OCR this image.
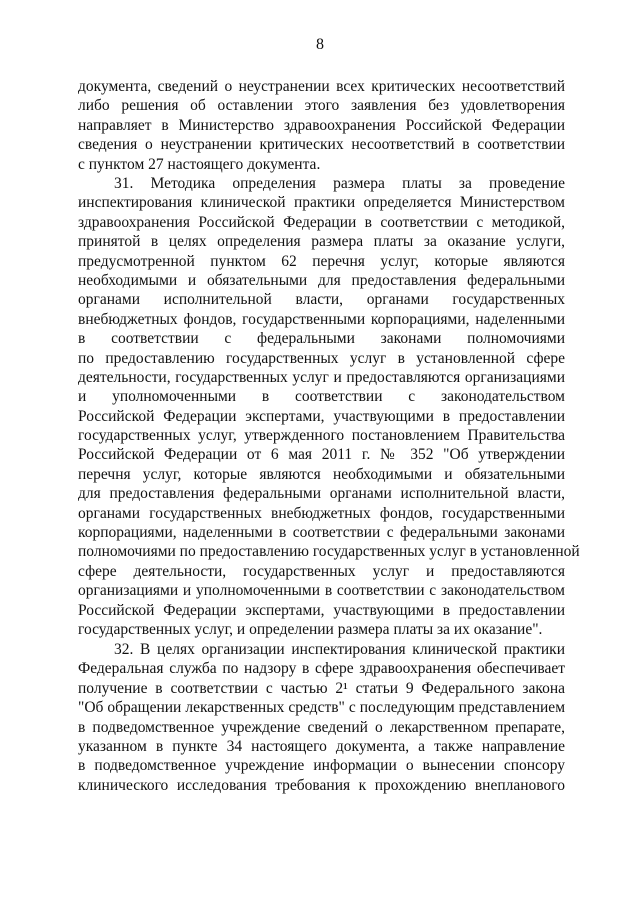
8
документа, сведений о неустранении всех критических несоответствий
либо решения об оставлении этого заявления без удовлетворения
направляет в Министерство здравоохранения Российской Федерации
сведения о неустранении критических несоответствий в соответствии
с пунктом 27 настоящего документа.
31. Методика определения размера платы за проведение
инспектирования клинической практики определяется Министерством
здравоохранения Российской Федерации в соответствии с методикой,
принятой в целях определения размера платы за оказание услуги,
предусмотренной пунктом 62 перечня услуг, которые являются
необходимыми и обязательными для предоставления федеральными
органами исполнительной власти, органами государственных
внебюджетных фондов, государственными корпорациями, наделенными
в соответствии с федеральными законами полномочиями
по предоставлению государственных услуг в установленной сфере
деятельности, государственных услуг и предоставляются организациями
и уполномоченными в соответствии с законодательством
Российской Федерации экспертами, участвующими в предоставлении
государственных услуг, утвержденного постановлением Правительства
Российской Федерации от 6 мая 2011 г. № 352 "Об утверждении
перечня услуг, которые являются необходимыми и обязательными
для предоставления федеральными органами исполнительной власти,
органами государственных внебюджетных фондов, государственными
корпорациями, наделенными в соответствии с федеральными законами
полномочиями по предоставлению государственных услуг в установленной
сфере деятельности, государственных услуг и предоставляются
организациями и уполномоченными в соответствии с законодательством
Российской Федерации экспертами, участвующими в предоставлении
государственных услуг, и определении размера платы за их оказание".
32. В целях организации инспектирования клинической практики
Федеральная служба по надзору в сфере здравоохранения обеспечивает
получение в соответствии с частью 2¹ статьи 9 Федерального закона
"Об обращении лекарственных средств" с последующим представлением
в подведомственное учреждение сведений о лекарственном препарате,
указанном в пункте 34 настоящего документа, а также направление
в подведомственное учреждение информации о вынесении спонсору
клинического исследования требования к прохождению внепланового
